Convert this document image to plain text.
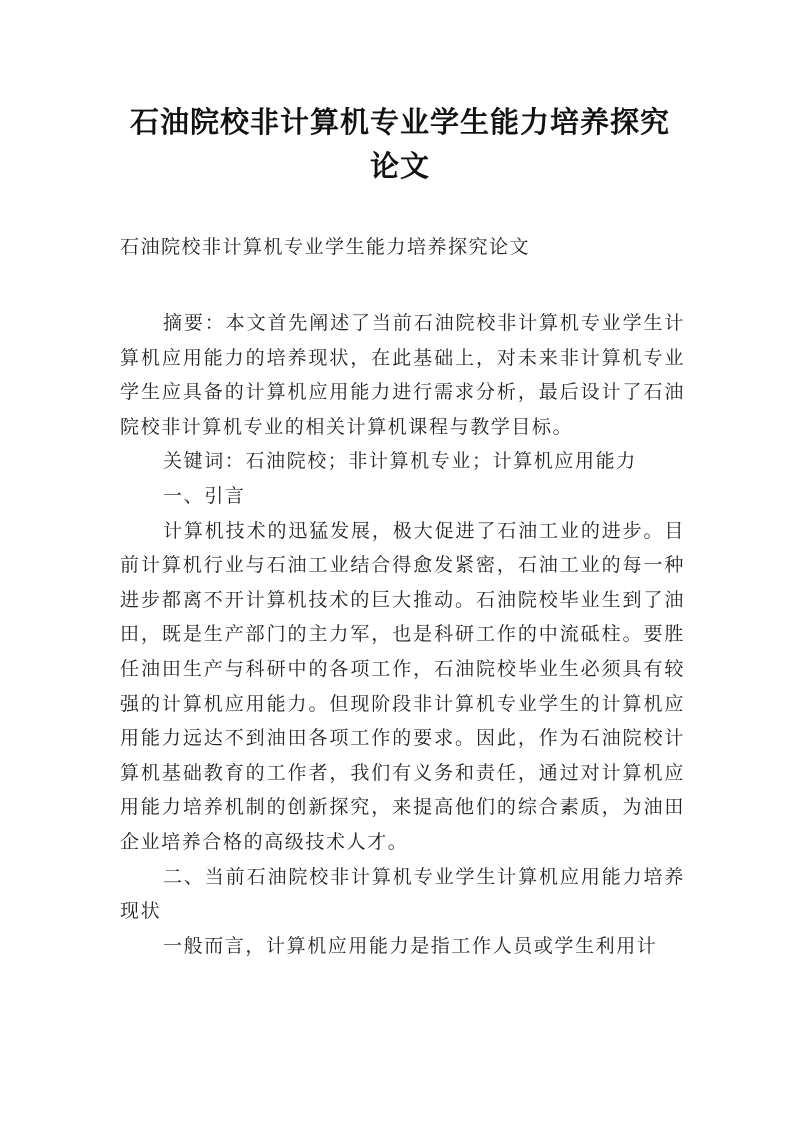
石油院校非计算机专业学生能力培养探究
论文
石油院校非计算机专业学生能力培养探究论文

摘要：本文首先阐述了当前石油院校非计算机专业学生计算机应用能力的培养现状，在此基础上，对未来非计算机专业学生应具备的计算机应用能力进行需求分析，最后设计了石油院校非计算机专业的相关计算机课程与教学目标。

关键词：石油院校；非计算机专业；计算机应用能力

一、引言

计算机技术的迅猛发展，极大促进了石油工业的进步。目前计算机行业与石油工业结合得愈发紧密，石油工业的每一种进步都离不开计算机技术的巨大推动。石油院校毕业生到了油田，既是生产部门的主力军，也是科研工作的中流砥柱。要胜任油田生产与科研中的各项工作，石油院校毕业生必须具有较强的计算机应用能力。但现阶段非计算机专业学生的计算机应用能力远达不到油田各项工作的要求。因此，作为石油院校计算机基础教育的工作者，我们有义务和责任，通过对计算机应用能力培养机制的创新探究，来提高他们的综合素质，为油田企业培养合格的高级技术人才。

二、当前石油院校非计算机专业学生计算机应用能力培养现状

一般而言，计算机应用能力是指工作人员或学生利用计
